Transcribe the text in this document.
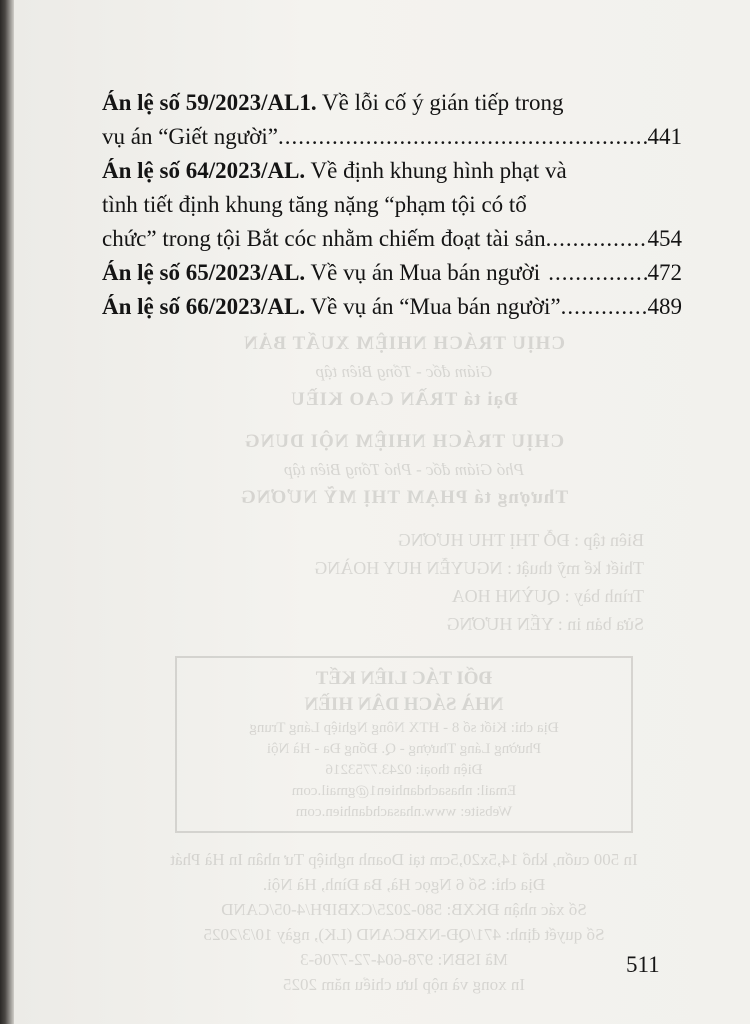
Án lệ số 59/2023/AL1. Về lỗi cố ý gián tiếp trong
vụ án “Giết người” .....	441
Án lệ số 64/2023/AL. Về định khung hình phạt và
tình tiết định khung tăng nặng “phạm tội có tổ
chức” trong tội Bắt cóc nhằm chiếm đoạt tài sản .....	454
Án lệ số 65/2023/AL. Về vụ án Mua bán người .....	472
Án lệ số 66/2023/AL. Về vụ án “Mua bán người” .....	489
CHỊU TRÁCH NHIỆM XUẤT BẢN
Giám đốc - Tổng Biên tập
Đại tá TRẦN CAO KIỀU
CHỊU TRÁCH NHIỆM NỘI DUNG
Phó Giám đốc - Phó Tổng Biên tập
Thượng tá PHẠM THỊ MỸ NƯƠNG
Biên tập : ĐỖ THỊ THU HƯƠNG
Thiết kế mỹ thuật : NGUYỄN HUY HOÀNG
Trình bày : QUỲNH HOA
Sửa bản in : YẾN HƯƠNG
ĐỐI TÁC LIÊN KẾT
NHÀ SÁCH DÂN HIỀN
Địa chỉ: Kiốt số 8 - HTX Nông Nghiệp Láng Trung
Phường Láng Thượng - Q. Đống Đa - Hà Nội
Điện thoại: 0243.7753216
Email: nhasachdanhien1@gmail.com
Website: www.nhasachdanhien.com
In 500 cuốn, khổ 14,5x20,5cm tại Doanh nghiệp Tư nhân In Hà Phát
Địa chỉ: Số 6 Ngọc Hà, Ba Đình, Hà Nội.
Số xác nhận ĐKXB: 580-2025/CXBIPH/4-05/CAND
Số quyết định: 471/QĐ-NXBCAND (LK), ngày 10/3/2025
Mã ISBN: 978-604-72-7706-3
In xong và nộp lưu chiểu năm 2025
511
